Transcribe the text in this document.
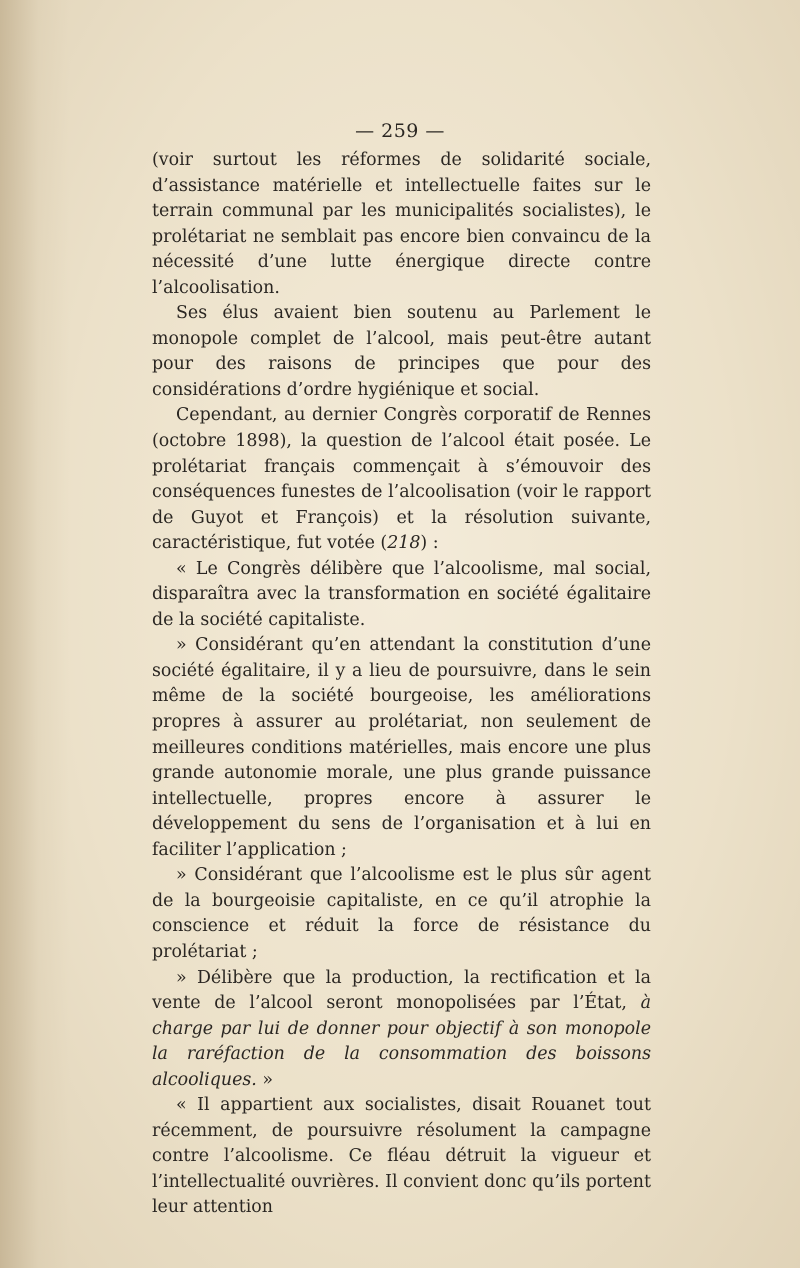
— 259 —

(voir surtout les réformes de solidarité sociale, d’assistance matérielle et intellectuelle faites sur le terrain communal par les municipalités socialistes), le prolétariat ne semblait pas encore bien convaincu de la nécessité d’une lutte énergique directe contre l’alcoolisation.

Ses élus avaient bien soutenu au Parlement le monopole complet de l’alcool, mais peut-être autant pour des raisons de principes que pour des considérations d’ordre hygiénique et social.

Cependant, au dernier Congrès corporatif de Rennes (octobre 1898), la question de l’alcool était posée. Le prolétariat français commençait à s’émouvoir des conséquences funestes de l’alcoolisation (voir le rapport de Guyot et François) et la résolution suivante, caractéristique, fut votée (218) :

« Le Congrès délibère que l’alcoolisme, mal social, disparaîtra avec la transformation en société égalitaire de la société capitaliste.

» Considérant qu’en attendant la constitution d’une société égalitaire, il y a lieu de poursuivre, dans le sein même de la société bourgeoise, les améliorations propres à assurer au prolétariat, non seulement de meilleures conditions matérielles, mais encore une plus grande autonomie morale, une plus grande puissance intellectuelle, propres encore à assurer le développement du sens de l’organisation et à lui en faciliter l’application ;

» Considérant que l’alcoolisme est le plus sûr agent de la bourgeoisie capitaliste, en ce qu’il atrophie la conscience et réduit la force de résistance du prolétariat ;

» Délibère que la production, la rectification et la vente de l’alcool seront monopolisées par l’État, à charge par lui de donner pour objectif à son monopole la raréfaction de la consommation des boissons alcooliques. »

« Il appartient aux socialistes, disait Rouanet tout récemment, de poursuivre résolument la campagne contre l’alcoolisme. Ce fléau détruit la vigueur et l’intellectualité ouvrières. Il convient donc qu’ils portent leur attention
